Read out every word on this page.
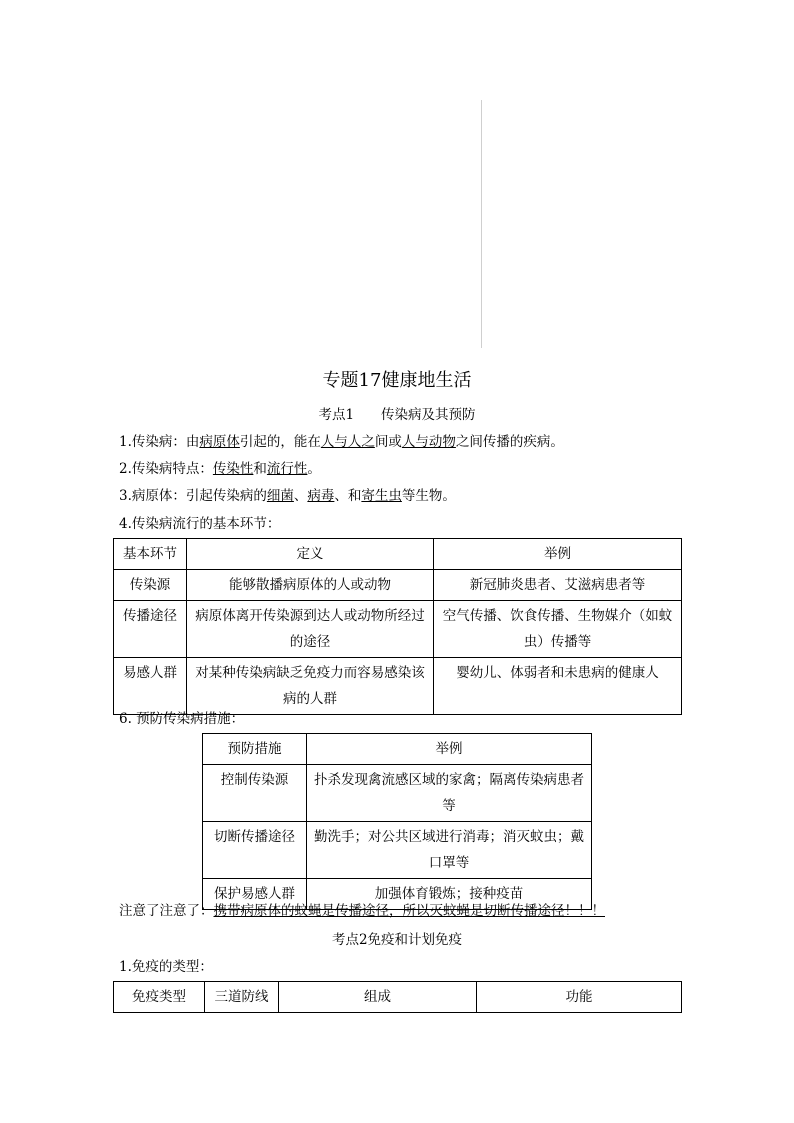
专题17健康地生活
考点1　　传染病及其预防
1.传染病：由病原体引起的，能在人与人之间或人与动物之间传播的疾病。
2.传染病特点：传染性和流行性。
3.病原体：引起传染病的细菌、病毒、和寄生虫等生物。
4.传染病流行的基本环节：
基本环节	定义	举例
传染源	能够散播病原体的人或动物	新冠肺炎患者、艾滋病患者等
传播途径	病原体离开传染源到达人或动物所经过的途径	空气传播、饮食传播、生物媒介（如蚊虫）传播等
易感人群	对某种传染病缺乏免疫力而容易感染该病的人群	婴幼儿、体弱者和未患病的健康人
6. 预防传染病措施：
预防措施	举例
控制传染源	扑杀发现禽流感区域的家禽；隔离传染病患者等
切断传播途径	勤洗手；对公共区域进行消毒；消灭蚊虫；戴口罩等
保护易感人群	加强体育锻炼；接种疫苗
注意了注意了：携带病原体的蚊蝇是传播途径，所以灭蚊蝇是切断传播途径！！！
考点2免疫和计划免疫
1.免疫的类型：
免疫类型	三道防线	组成	功能
